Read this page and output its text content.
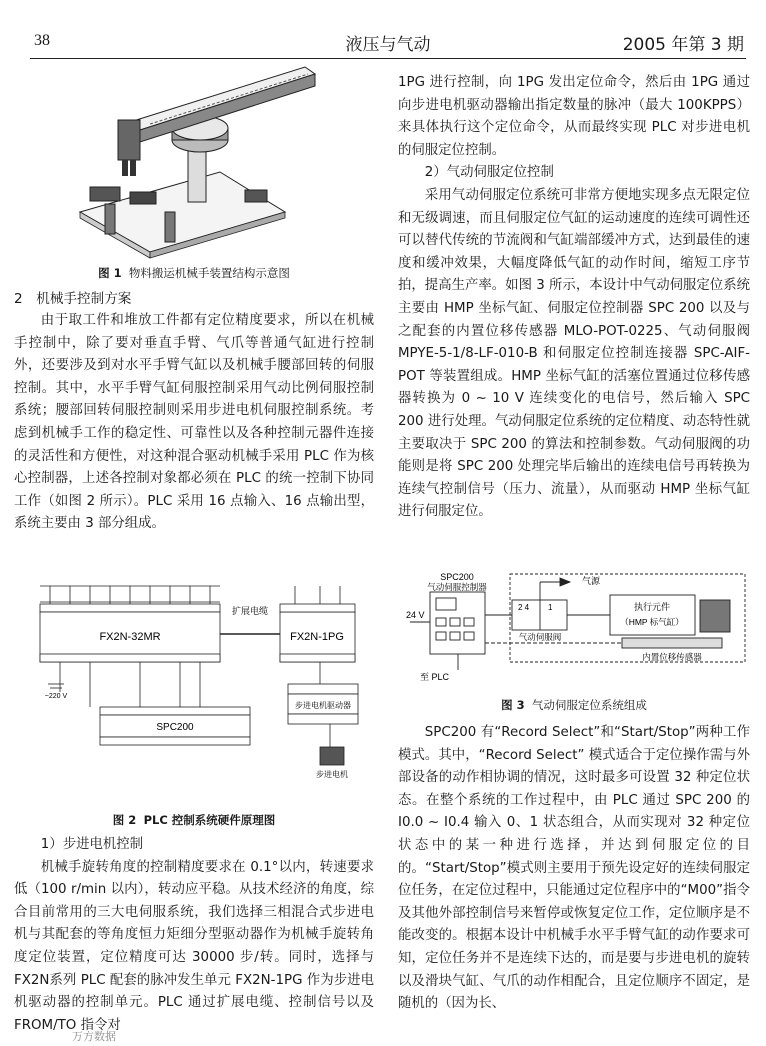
38	液压与气动	2005 年第 3 期

图 1 物料搬运机械手装置结构示意图

2　机械手控制方案

由于取工件和堆放工件都有定位精度要求，所以在机械手控制中，除了要对垂直手臂、气爪等普通气缸进行控制外，还要涉及到对水平手臂气缸以及机械手腰部回转的伺服控制。其中，水平手臂气缸伺服控制采用气动比例伺服控制系统；腰部回转伺服控制则采用步进电机伺服控制系统。考虑到机械手工作的稳定性、可靠性以及各种控制元器件连接的灵活性和方便性，对这种混合驱动机械手采用 PLC 作为核心控制器，上述各控制对象都必须在 PLC 的统一控制下协同工作（如图 2 所示）。PLC 采用 16 点输入、16 点输出型，系统主要由 3 部分组成。

FX2N-32MR	FX2N-1PG
扩展电缆
SPC200
步进电机驱动器
步进电机
~220 V

图 2 PLC 控制系统硬件原理图

1）步进电机控制

机械手旋转角度的控制精度要求在 0.1°以内，转速要求低（100 r/min 以内），转动应平稳。从技术经济的角度，综合目前常用的三大电伺服系统，我们选择三相混合式步进电机与其配套的等角度恒力矩细分型驱动器作为机械手旋转角度定位装置，定位精度可达 30000 步/转。同时，选择与 FX2N系列 PLC 配套的脉冲发生单元 FX2N-1PG 作为步进电机驱动器的控制单元。PLC 通过扩展电缆、控制信号以及 FROM/TO 指令对

1PG 进行控制，向 1PG 发出定位命令，然后由 1PG 通过向步进电机驱动器输出指定数量的脉冲（最大 100KPPS）来具体执行这个定位命令，从而最终实现 PLC 对步进电机的伺服定位控制。

2）气动伺服定位控制

采用气动伺服定位系统可非常方便地实现多点无限定位和无级调速，而且伺服定位气缸的运动速度的连续可调性还可以替代传统的节流阀和气缸端部缓冲方式，达到最佳的速度和缓冲效果，大幅度降低气缸的动作时间，缩短工序节拍，提高生产率。如图 3 所示，本设计中气动伺服定位系统主要由 HMP 坐标气缸、伺服定位控制器 SPC 200 以及与之配套的内置位移传感器 MLO-POT-0225、气动伺服阀 MPYE-5-1/8-LF-010-B 和伺服定位控制连接器 SPC-AIF-POT 等装置组成。HMP 坐标气缸的活塞位置通过位移传感器转换为 0 ~ 10 V 连续变化的电信号，然后输入 SPC 200 进行处理。气动伺服定位系统的定位精度、动态特性就主要取决于 SPC 200 的算法和控制参数。气动伺服阀的功能则是将 SPC 200 处理完毕后输出的连续电信号再转换为连续气控制信号（压力、流量），从而驱动 HMP 坐标气缸进行伺服定位。

SPC200
气动伺服控制器
气源
执行元件
（HMP 标气缸）
24 V
气动伺服阀
内置位移传感器
至 PLC
2 4 1

图 3 气动伺服定位系统组成

SPC200 有“Record Select”和“Start/Stop”两种工作模式。其中，“Record Select” 模式适合于定位操作需与外部设备的动作相协调的情况，这时最多可设置 32 种定位状态。在整个系统的工作过程中，由 PLC 通过 SPC 200 的 I0.0 ~ I0.4 输入 0、1 状态组合，从而实现对 32 种定位状态中的某一种进行选择，并达到伺服定位的目的。“Start/Stop”模式则主要用于预先设定好的连续伺服定位任务，在定位过程中，只能通过定位程序中的“M00”指令及其他外部控制信号来暂停或恢复定位工作，定位顺序是不能改变的。根据本设计中机械手水平手臂气缸的动作要求可知，定位任务并不是连续下达的，而是要与步进电机的旋转以及滑块气缸、气爪的动作相配合，且定位顺序不固定，是随机的（因为长、

万方数据
